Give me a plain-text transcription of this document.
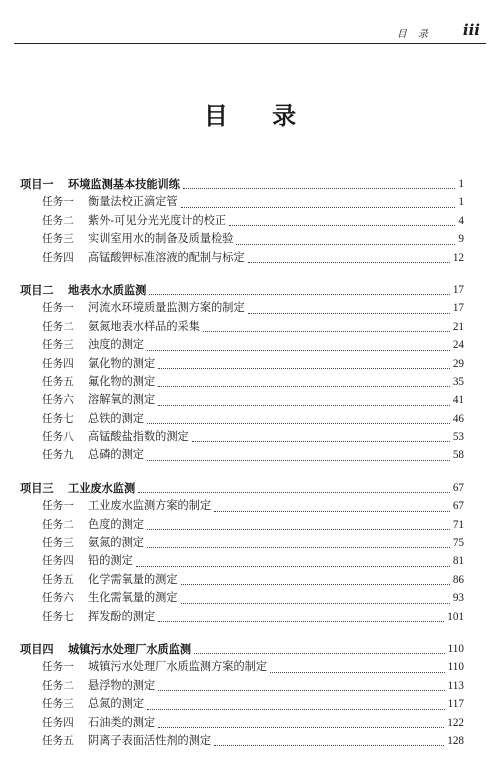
目 录 iii
目 录
项目一 环境监测基本技能训练	1
任务一 衡量法校正滴定管	1
任务二 紫外-可见分光光度计的校正	4
任务三 实训室用水的制备及质量检验	9
任务四 高锰酸钾标准溶液的配制与标定	12
项目二 地表水水质监测	17
任务一 河流水环境质量监测方案的制定	17
任务二 氨氮地表水样品的采集	21
任务三 浊度的测定	24
任务四 氯化物的测定	29
任务五 氟化物的测定	35
任务六 溶解氧的测定	41
任务七 总铁的测定	46
任务八 高锰酸盐指数的测定	53
任务九 总磷的测定	58
项目三 工业废水监测	67
任务一 工业废水监测方案的制定	67
任务二 色度的测定	71
任务三 氨氮的测定	75
任务四 铅的测定	81
任务五 化学需氧量的测定	86
任务六 生化需氧量的测定	93
任务七 挥发酚的测定	101
项目四 城镇污水处理厂水质监测	110
任务一 城镇污水处理厂水质监测方案的制定	110
任务二 悬浮物的测定	113
任务三 总氮的测定	117
任务四 石油类的测定	122
任务五 阴离子表面活性剂的测定	128
